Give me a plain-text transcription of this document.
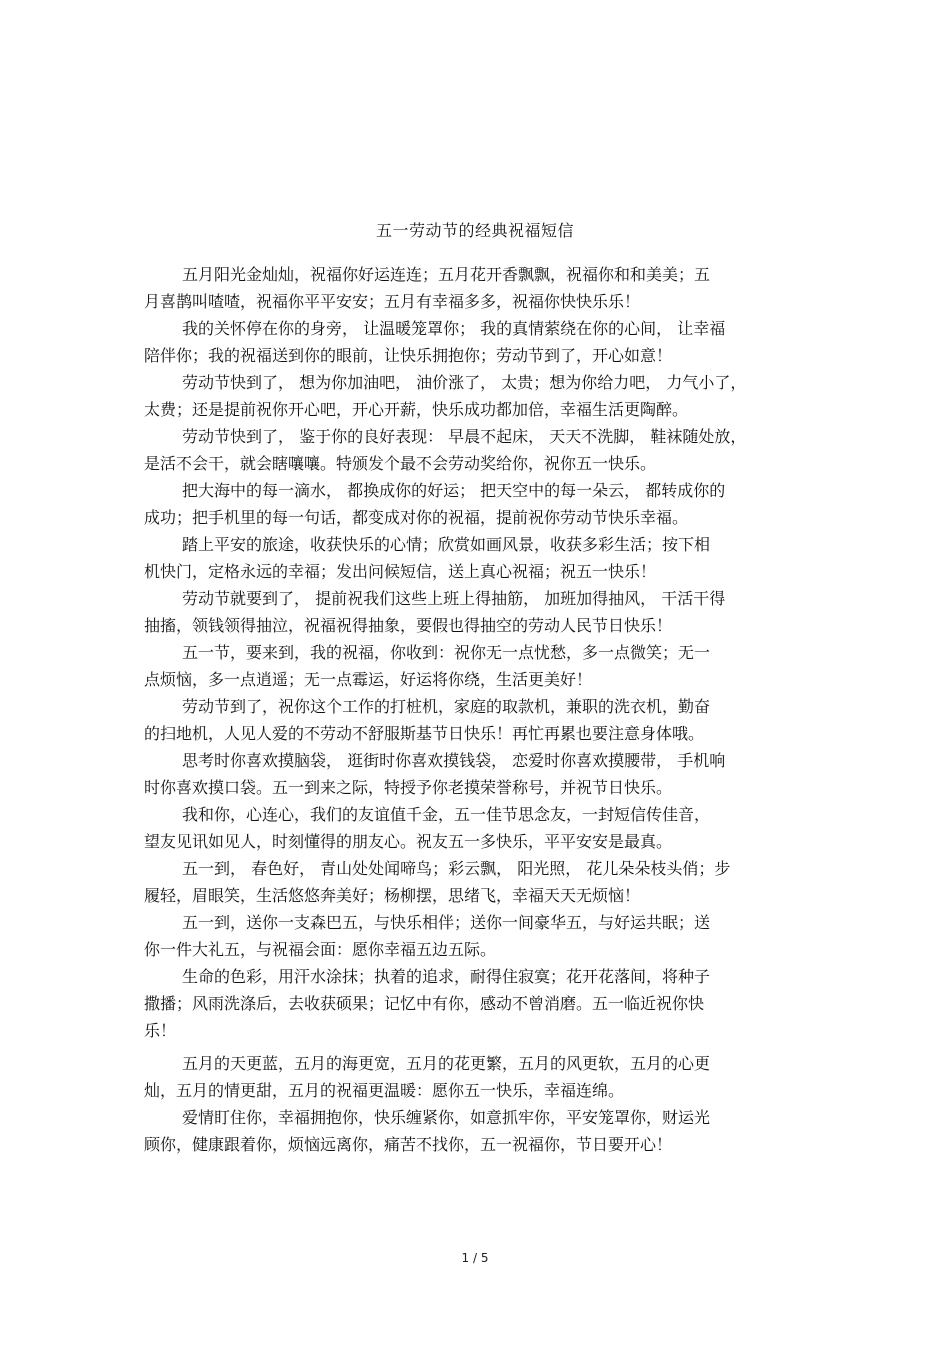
五一劳动节的经典祝福短信
五月阳光金灿灿，祝福你好运连连；五月花开香飘飘，祝福你和和美美；五
月喜鹊叫喳喳，祝福你平平安安；五月有幸福多多，祝福你快快乐乐！
我的关怀停在你的身旁， 让温暖笼罩你； 我的真情萦绕在你的心间， 让幸福
陪伴你；我的祝福送到你的眼前，让快乐拥抱你；劳动节到了，开心如意！
劳动节快到了， 想为你加油吧， 油价涨了， 太贵；想为你给力吧， 力气小了，
太费；还是提前祝你开心吧，开心开薪，快乐成功都加倍，幸福生活更陶醉。
劳动节快到了， 鉴于你的良好表现： 早晨不起床， 天天不洗脚， 鞋袜随处放，
是活不会干，就会瞎嚷嚷。特颁发个最不会劳动奖给你，祝你五一快乐。
把大海中的每一滴水， 都换成你的好运； 把天空中的每一朵云， 都转成你的
成功；把手机里的每一句话，都变成对你的祝福，提前祝你劳动节快乐幸福。
踏上平安的旅途，收获快乐的心情；欣赏如画风景，收获多彩生活；按下相
机快门，定格永远的幸福；发出问候短信，送上真心祝福；祝五一快乐！
劳动节就要到了， 提前祝我们这些上班上得抽筋， 加班加得抽风， 干活干得
抽搐，领钱领得抽泣，祝福祝得抽象，要假也得抽空的劳动人民节日快乐！
五一节，要来到，我的祝福，你收到：祝你无一点忧愁，多一点微笑；无一
点烦恼，多一点逍遥；无一点霉运，好运将你绕，生活更美好！
劳动节到了，祝你这个工作的打桩机，家庭的取款机，兼职的洗衣机，勤奋
的扫地机，人见人爱的不劳动不舒服斯基节日快乐！再忙再累也要注意身体哦。
思考时你喜欢摸脑袋， 逛街时你喜欢摸钱袋， 恋爱时你喜欢摸腰带， 手机响
时你喜欢摸口袋。五一到来之际，特授予你老摸荣誉称号，并祝节日快乐。
我和你，心连心，我们的友谊值千金，五一佳节思念友，一封短信传佳音，
望友见讯如见人，时刻懂得的朋友心。祝友五一多快乐，平平安安是最真。
五一到， 春色好， 青山处处闻啼鸟；彩云飘， 阳光照， 花儿朵朵枝头俏；步
履轻，眉眼笑，生活悠悠奔美好；杨柳摆，思绪飞，幸福天天无烦恼！
五一到，送你一支森巴五，与快乐相伴；送你一间豪华五，与好运共眠；送
你一件大礼五，与祝福会面：愿你幸福五边五际。
生命的色彩，用汗水涂抹；执着的追求，耐得住寂寞；花开花落间，将种子
撒播；风雨洗涤后，去收获硕果；记忆中有你，感动不曾消磨。五一临近祝你快
乐！
五月的天更蓝，五月的海更宽，五月的花更繁，五月的风更软，五月的心更
灿，五月的情更甜，五月的祝福更温暖：愿你五一快乐，幸福连绵。
爱情盯住你，幸福拥抱你，快乐缠紧你，如意抓牢你，平安笼罩你，财运光
顾你，健康跟着你，烦恼远离你，痛苦不找你，五一祝福你，节日要开心！
1 / 5
